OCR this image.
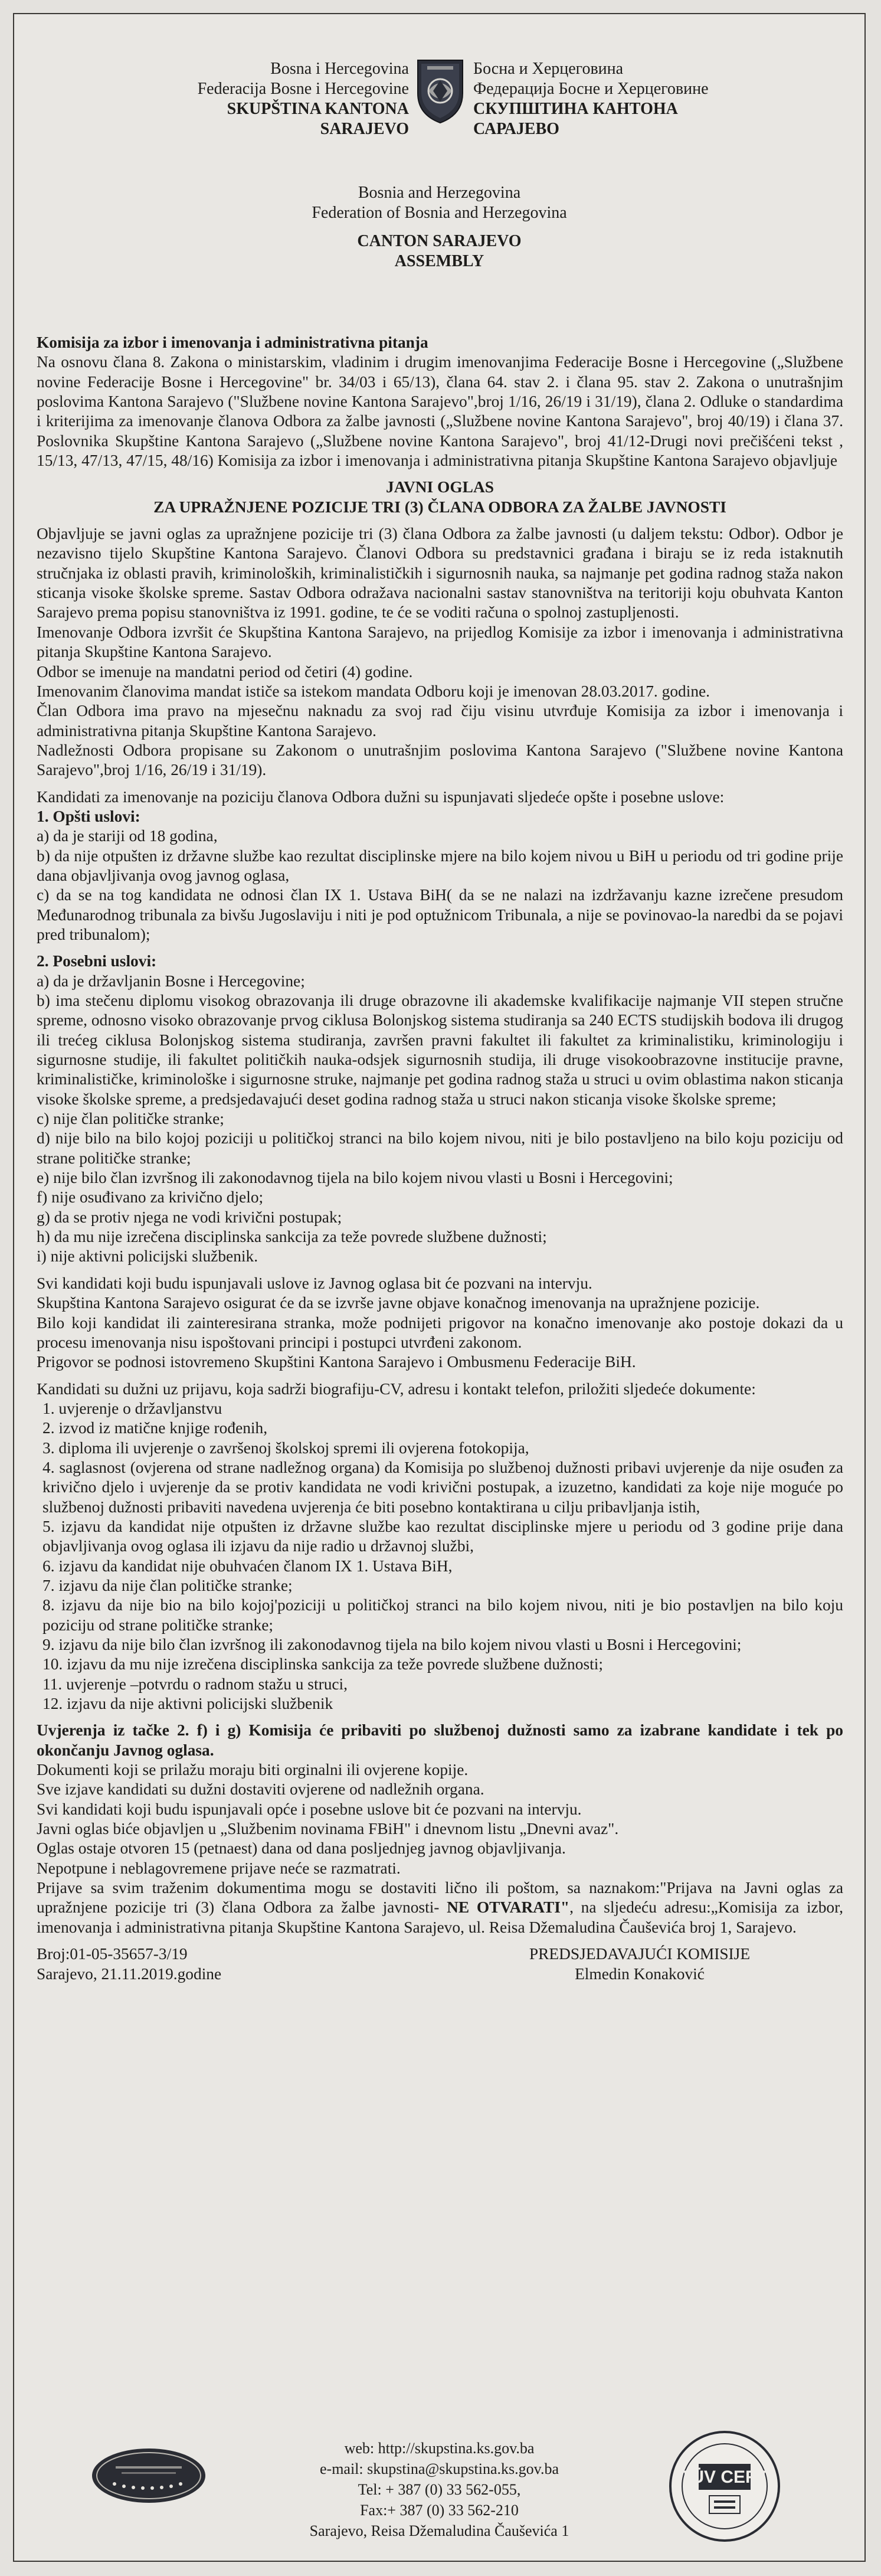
Bosna i Hercegovina
Federacija Bosne i Hercegovine
SKUPŠTINA KANTONA
SARAJEVO
Босна и Херцеговина
Федерација Босне и Херцеговине
СКУПШТИНА КАНТОНА
САРАЈЕВО
Bosnia and Herzegovina
Federation of Bosnia and Herzegovina
CANTON SARAJEVO
ASSEMBLY

Komisija za izbor i imenovanja i administrativna pitanja

Na osnovu člana 8. Zakona o ministarskim, vladinim i drugim imenovanjima Federacije Bosne i Hercegovine („Službene novine Federacije Bosne i Hercegovine" br. 34/03 i 65/13), člana 64. stav 2. i člana 95. stav 2. Zakona o unutrašnjim poslovima Kantona Sarajevo ("Službene novine Kantona Sarajevo",broj 1/16, 26/19 i 31/19), člana 2. Odluke o standardima i kriterijima za imenovanje članova Odbora za žalbe javnosti („Službene novine Kantona Sarajevo", broj 40/19) i člana 37. Poslovnika Skupštine Kantona Sarajevo („Službene novine Kantona Sarajevo", broj 41/12-Drugi novi prečišćeni tekst , 15/13, 47/13, 47/15, 48/16) Komisija za izbor i imenovanja i administrativna pitanja Skupštine Kantona Sarajevo objavljuje

JAVNI OGLAS

ZA UPRAŽNJENE POZICIJE TRI (3) ČLANA ODBORA ZA ŽALBE JAVNOSTI

Objavljuje se javni oglas za upražnjene pozicije tri (3) člana Odbora za žalbe javnosti (u daljem tekstu: Odbor). Odbor je nezavisno tijelo Skupštine Kantona Sarajevo. Članovi Odbora su predstavnici građana i biraju se iz reda istaknutih stručnjaka iz oblasti pravih, kriminoloških, kriminalističkih i sigurnosnih nauka, sa najmanje pet godina radnog staža nakon sticanja visoke školske spreme. Sastav Odbora odražava nacionalni sastav stanovništva na teritoriji koju obuhvata Kanton Sarajevo prema popisu stanovništva iz 1991. godine, te će se voditi računa o spolnoj zastupljenosti.

Imenovanje Odbora izvršit će Skupština Kantona Sarajevo, na prijedlog Komisije za izbor i imenovanja i administrativna pitanja Skupštine Kantona Sarajevo.

Odbor se imenuje na mandatni period od četiri (4) godine.

Imenovanim članovima mandat ističe sa istekom mandata Odboru koji je imenovan 28.03.2017. godine.

Član Odbora ima pravo na mjesečnu naknadu za svoj rad čiju visinu utvrđuje Komisija za izbor i imenovanja i administrativna pitanja Skupštine Kantona Sarajevo.

Nadležnosti Odbora propisane su Zakonom o unutrašnjim poslovima Kantona Sarajevo ("Službene novine Kantona Sarajevo",broj 1/16, 26/19 i 31/19).

Kandidati za imenovanje na poziciju članova Odbora dužni su ispunjavati sljedeće opšte i posebne uslove:

1. Opšti uslovi:

a) da je stariji od 18 godina,

b) da nije otpušten iz državne službe kao rezultat disciplinske mjere na bilo kojem nivou u BiH u periodu od tri godine prije dana objavljivanja ovog javnog oglasa,

c) da se na tog kandidata ne odnosi član IX 1. Ustava BiH( da se ne nalazi na izdržavanju kazne izrečene presudom Međunarodnog tribunala za bivšu Jugoslaviju i niti je pod optužnicom Tribunala, a nije se povinovao-la naredbi da se pojavi pred tribunalom);

2. Posebni uslovi:

a) da je državljanin Bosne i Hercegovine;

b) ima stečenu diplomu visokog obrazovanja ili druge obrazovne ili akademske kvalifikacije najmanje VII stepen stručne spreme, odnosno visoko obrazovanje prvog ciklusa Bolonjskog sistema studiranja sa 240 ECTS studijskih bodova ili drugog ili trećeg ciklusa Bolonjskog sistema studiranja, završen pravni fakultet ili fakultet za kriminalistiku, kriminologiju i sigurnosne studije, ili fakultet političkih nauka-odsjek sigurnosnih studija, ili druge visokoobrazovne institucije pravne, kriminalističke, kriminološke i sigurnosne struke, najmanje pet godina radnog staža u struci u ovim oblastima nakon sticanja visoke školske spreme, a predsjedavajući deset godina radnog staža u struci nakon sticanja visoke školske spreme;

c) nije član političke stranke;

d) nije bilo na bilo kojoj poziciji u političkoj stranci na bilo kojem nivou, niti je bilo postavljeno na bilo koju poziciju od strane političke stranke;

e) nije bilo član izvršnog ili zakonodavnog tijela na bilo kojem nivou vlasti u Bosni i Hercegovini;

f) nije osuđivano za krivično djelo;

g) da se protiv njega ne vodi krivični postupak;

h) da mu nije izrečena disciplinska sankcija za teže povrede službene dužnosti;

i) nije aktivni policijski službenik.

Svi kandidati koji budu ispunjavali uslove iz Javnog oglasa bit će pozvani na intervju.

Skupština Kantona Sarajevo osigurat će da se izvrše javne objave konačnog imenovanja na upražnjene pozicije.

Bilo koji kandidat ili zainteresirana stranka, može podnijeti prigovor na konačno imenovanje ako postoje dokazi da u procesu imenovanja nisu ispoštovani principi i postupci utvrđeni zakonom.

Prigovor se podnosi istovremeno Skupštini Kantona Sarajevo i Ombusmenu Federacije BiH.

Kandidati su dužni uz prijavu, koja sadrži biografiju-CV, adresu i kontakt telefon, priložiti sljedeće dokumente:

1. uvjerenje o državljanstvu

2. izvod iz matične knjige rođenih,

3. diploma ili uvjerenje o završenoj školskoj spremi ili ovjerena fotokopija,

4. saglasnost (ovjerena od strane nadležnog organa) da Komisija po službenoj dužnosti pribavi uvjerenje da nije osuđen za krivično djelo i uvjerenje da se protiv kandidata ne vodi krivični postupak, a izuzetno, kandidati za koje nije moguće po službenoj dužnosti pribaviti navedena uvjerenja će biti posebno kontaktirana u cilju pribavljanja istih,

5. izjavu da kandidat nije otpušten iz državne službe kao rezultat disciplinske mjere u periodu od 3 godine prije dana objavljivanja ovog oglasa ili izjavu da nije radio u državnoj službi,

6. izjavu da kandidat nije obuhvaćen članom IX 1. Ustava BiH,

7. izjavu da nije član političke stranke;

8. izjavu da nije bio na bilo kojoj'poziciji u političkoj stranci na bilo kojem nivou, niti je bio postavljen na bilo koju poziciju od strane političke stranke;

9. izjavu da nije bilo član izvršnog ili zakonodavnog tijela na bilo kojem nivou vlasti u Bosni i Hercegovini;

10. izjavu da mu nije izrečena disciplinska sankcija za teže povrede službene dužnosti;

11. uvjerenje –potvrdu o radnom stažu u struci,

12. izjavu da nije aktivni policijski službenik

Uvjerenja iz tačke 2. f) i g) Komisija će pribaviti po službenoj dužnosti samo za izabrane kandidate i tek po okončanju Javnog oglasa.

Dokumenti koji se prilažu moraju biti orginalni ili ovjerene kopije.

Sve izjave kandidati su dužni dostaviti ovjerene od nadležnih organa.

Svi kandidati koji budu ispunjavali opće i posebne uslove bit će pozvani na intervju.

Javni oglas biće objavljen u „Službenim novinama FBiH" i dnevnom listu „Dnevni avaz".

Oglas ostaje otvoren 15 (petnaest) dana od dana posljednjeg javnog objavljivanja.

Nepotpune i neblagovremene prijave neće se razmatrati.

Prijave sa svim traženim dokumentima mogu se dostaviti lično ili poštom, sa naznakom:"Prijava na Javni oglas za upražnjene pozicije tri (3) člana Odbora za žalbe javnosti- NE OTVARATI", na sljedeću adresu:„Komisija za izbor, imenovanja i administrativna pitanja Skupštine Kantona Sarajevo, ul. Reisa Džemaludina Čauševića broj 1, Sarajevo.

Broj:01-05-35657-3/19
Sarajevo, 21.11.2019.godine
PREDSJEDAVAJUĆI KOMISIJE
Elmedin Konaković
web: http://skupstina.ks.gov.ba
e-mail: skupstina@skupstina.ks.gov.ba
Tel: + 387 (0) 33 562-055,
Fax:+ 387 (0) 33 562-210
Sarajevo, Reisa Džemaludina Čauševića 1
TÜV CERT
